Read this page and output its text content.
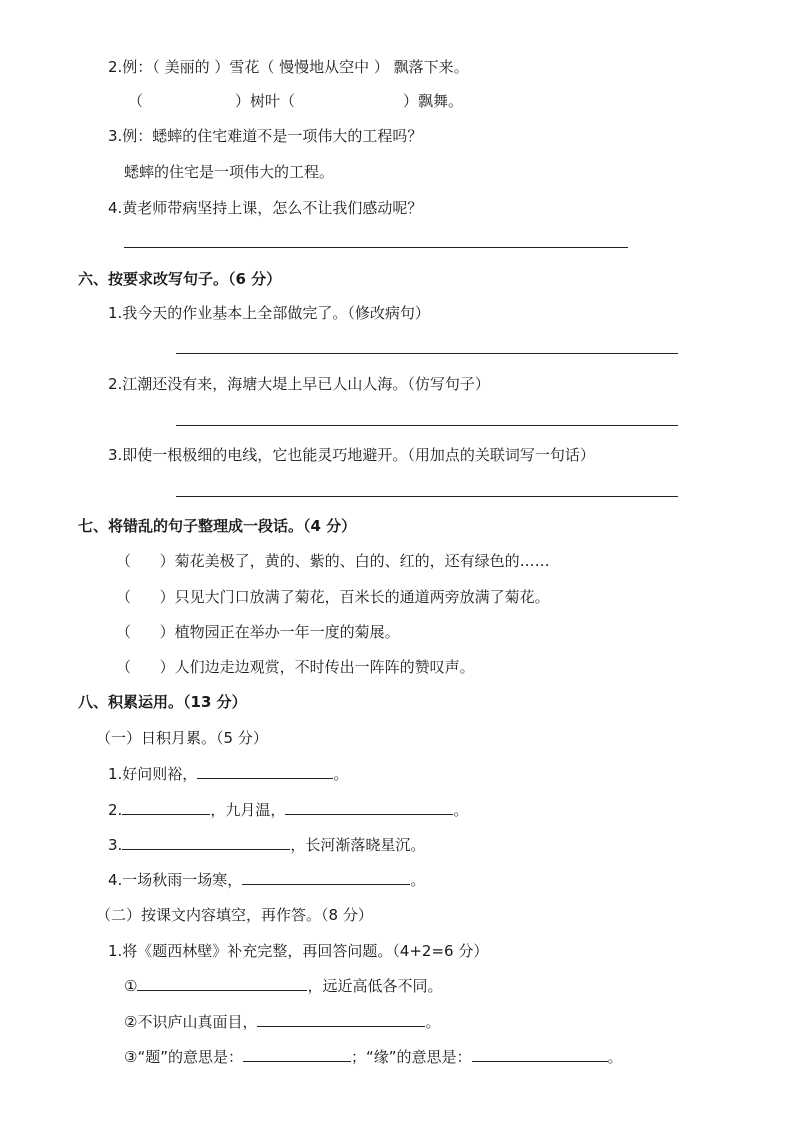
2.例：（ 美丽的 ）雪花（ 慢慢地从空中 ） 飘落下来。
（	）树叶（	）飘舞。
3.例：蟋蟀的住宅难道不是一项伟大的工程吗？
蟋蟀的住宅是一项伟大的工程。
4.黄老师带病坚持上课，怎么不让我们感动呢？
六、按要求改写句子。（6 分）
1.我今天的作业基本上全部做完了。（修改病句）
2.江潮还没有来，海塘大堤上早已人山人海。（仿写句子）
3.即使一根极细的电线，它也能灵巧地避开。（用加点的关联词写一句话）
七、将错乱的句子整理成一段话。（4 分）
（      ）菊花美极了，黄的、紫的、白的、红的，还有绿色的……
（      ）只见大门口放满了菊花，百米长的通道两旁放满了菊花。
（      ）植物园正在举办一年一度的菊展。
（      ）人们边走边观赏，不时传出一阵阵的赞叹声。
八、积累运用。（13 分）
（一）日积月累。（5 分）
1.好问则裕，	。
2.	，九月温，	。
3.	，长河渐落晓星沉。
4.一场秋雨一场寒，	。
（二）按课文内容填空，再作答。（8 分）
1.将《题西林壁》补充完整，再回答问题。（4+2=6 分）
①	，远近高低各不同。
②不识庐山真面目，	。
③“题”的意思是：	；“缘”的意思是：	。
